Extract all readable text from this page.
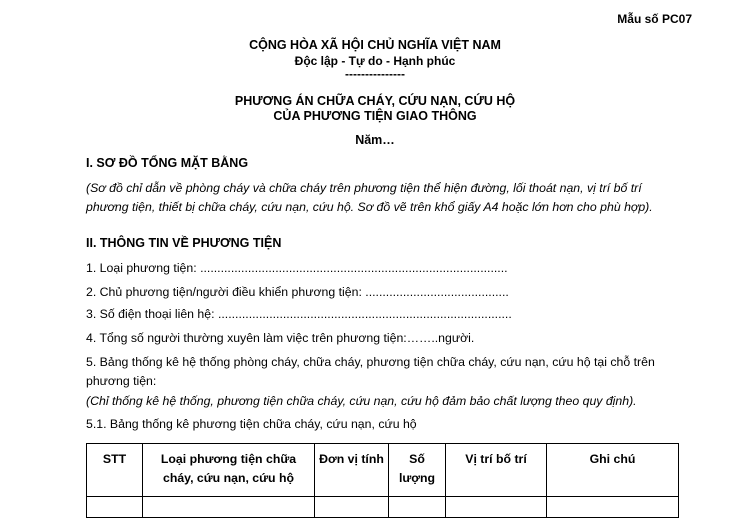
Mẫu số PC07
CỘNG HÒA XÃ HỘI CHỦ NGHĨA VIỆT NAM
Độc lập - Tự do - Hạnh phúc
---------------
PHƯƠNG ÁN CHỮA CHÁY, CỨU NẠN, CỨU HỘ
CỦA PHƯƠNG TIỆN GIAO THÔNG
Năm…
I. SƠ ĐỒ TỔNG MẶT BẰNG
(Sơ đồ chỉ dẫn về phòng cháy và chữa cháy trên phương tiện thể hiện đường, lối thoát nạn, vị trí bố trí phương tiện, thiết bị chữa cháy, cứu nạn, cứu hộ. Sơ đồ vẽ trên khổ giấy A4 hoặc lớn hơn cho phù hợp).
II. THÔNG TIN VỀ PHƯƠNG TIỆN
1. Loại phương tiện: ..........................................................................................
2. Chủ phương tiện/người điều khiển phương tiện: ..........................................
3. Số điện thoại liên hệ: ......................................................................................
4. Tổng số người thường xuyên làm việc trên phương tiện:……..người.
5. Bảng thống kê hệ thống phòng cháy, chữa cháy, phương tiện chữa cháy, cứu nạn, cứu hộ tại chỗ trên phương tiện:
(Chỉ thống kê hệ thống, phương tiện chữa cháy, cứu nạn, cứu hộ đảm bảo chất lượng theo quy định).
5.1. Bảng thống kê phương tiện chữa cháy, cứu nạn, cứu hộ
STT	Loại phương tiện chữa cháy, cứu nạn, cứu hộ	Đơn vị tính	Số lượng	Vị trí bố trí	Ghi chú
